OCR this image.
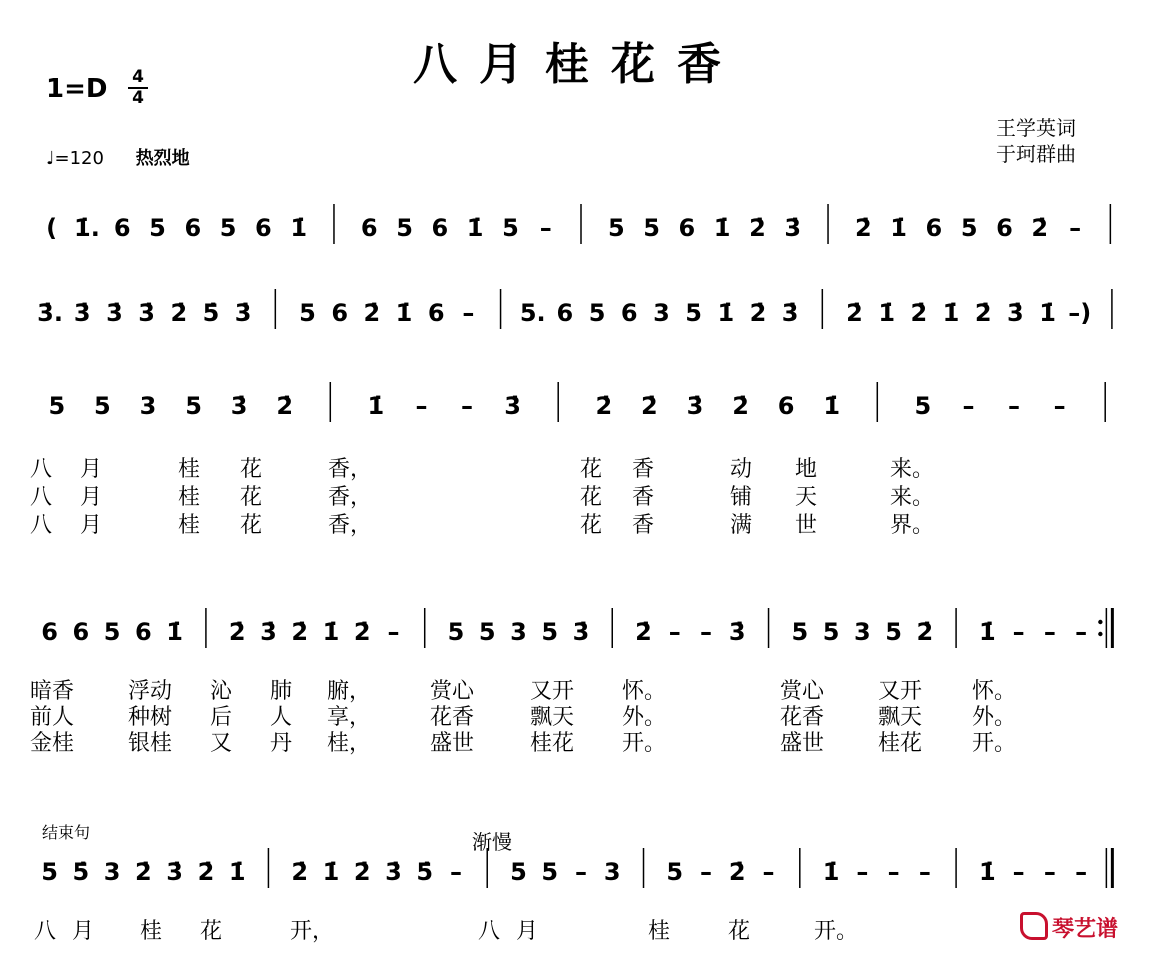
八月桂花香
1=D 4
4
♩=120 热烈地
王学英词
于珂群曲
( 1̇. 6 5 6 5 6 1̇ 6 5 6 1̇ 5 – 5 5 6 1̇ 2̇ 3̇ 2̇ 1̇ 6 5 6 2̇ –
3̇. 3̇ 3̇ 3̇ 2̇ 5̇ 3̇ 5 6 2̇ 1̇ 6 – 5. 6 5 6 3 5 1̇ 2̇ 3̇ 2̇ 1̇ 2̇ 1̇ 2̇ 3̇ 1̇ –)
5 5 3 5 3̇ 2̇	1̇ – – 3̇	2̇ 2̇ 3̇ 2̇ 6 1̇	5 – – –
八 月	桂 花	香，	花 香	动 地	来。
八 月	桂 花	香，	花 香	铺 天	来。
八 月	桂 花	香，	花 香	满 世	界。
6 6 5 6 1̇ 2̇ 3̇ 2̇ 1̇ 2̇ – 5 5 3 5 3̇ 2̇ – – 3̇ 5 5 3 5 2̇ 1̇ – – –
暗香 浮动 沁 肺 腑，	赏心	又开 怀。	赏心 又开 怀。
前人 种树 后 人 享，	花香	飘天 外。	花香 飘天 外。
金桂 银桂 又 丹 桂，	盛世	桂花 开。	盛世 桂花 开。
5 5̇ 3 2̇ 3̇ 2̇ 1̇ 2̇ 1̇ 2̇ 3̇ 5̇ – 5 5 – 3 5 – 2̇ – 1̇ – – – 1̇ – – –
结束句	渐慢
八 月 桂 花	开，	八 月	桂	花	开。	琴艺谱
